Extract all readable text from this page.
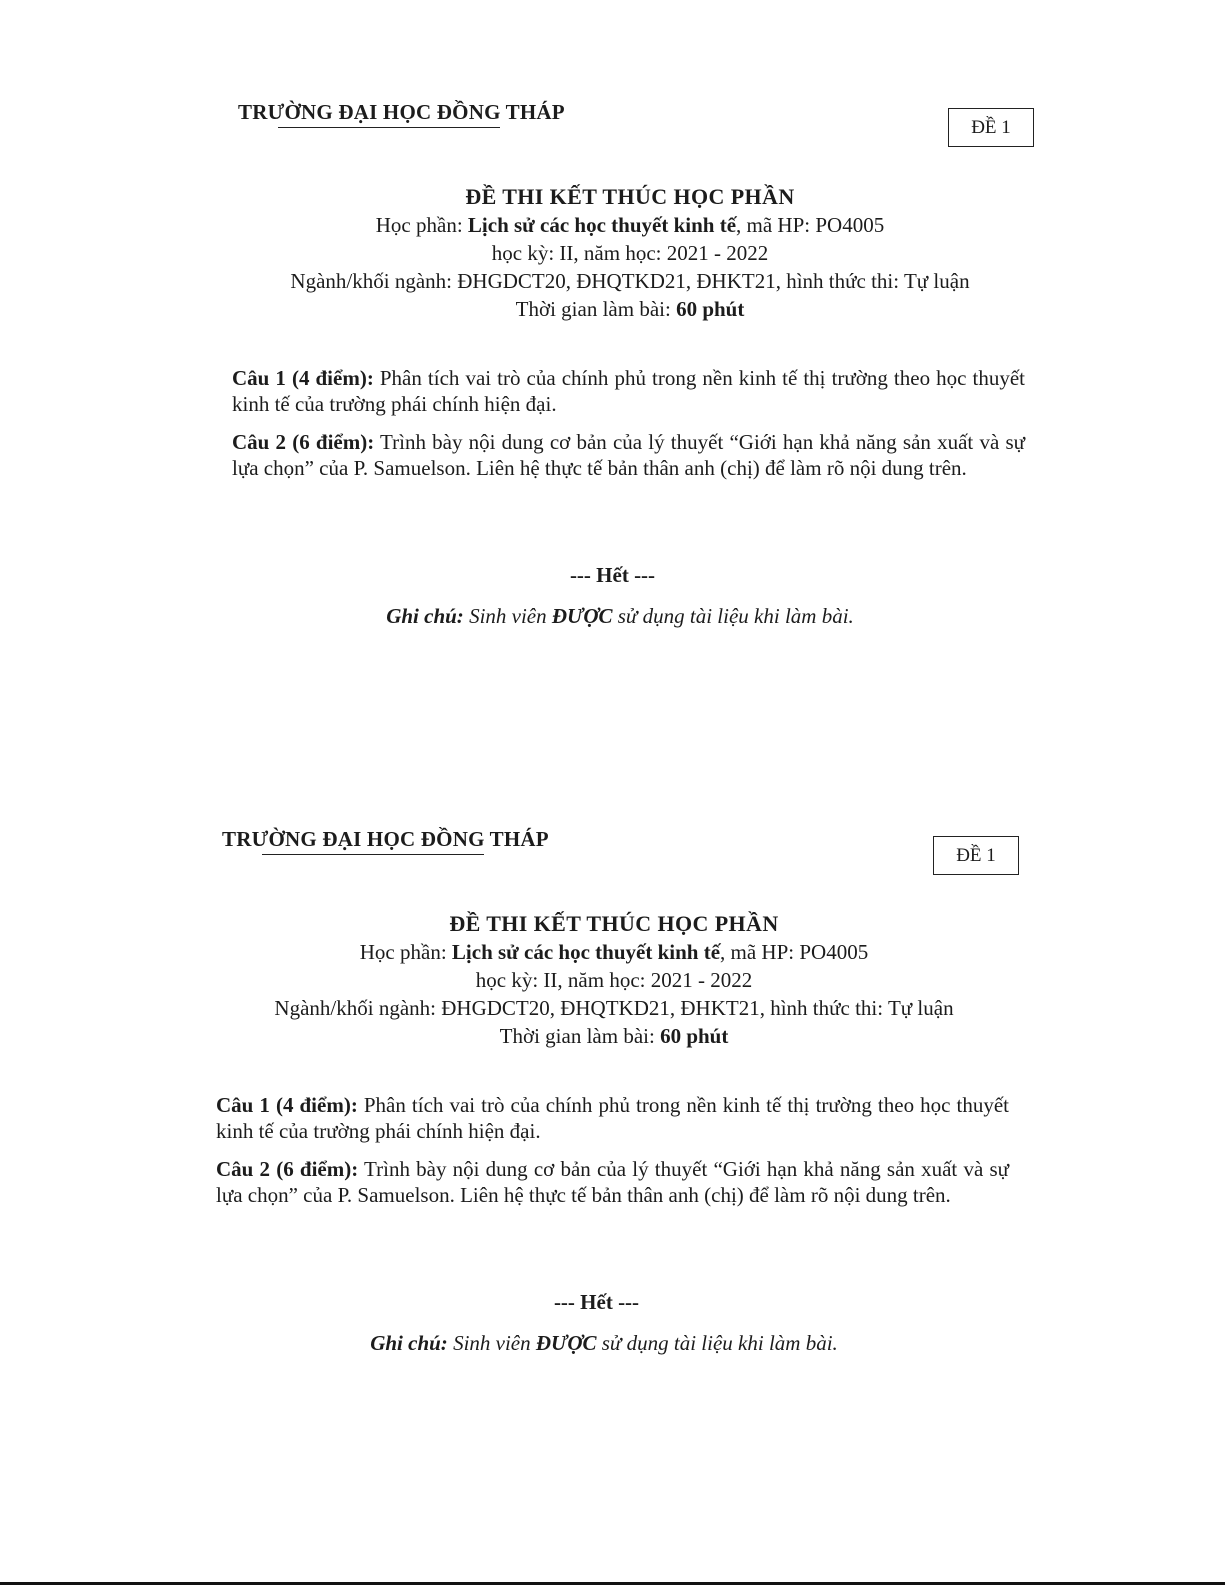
TRƯỜNG ĐẠI HỌC ĐỒNG THÁP
ĐỀ 1
ĐỀ THI KẾT THÚC HỌC PHẦN
Học phần: Lịch sử các học thuyết kinh tế, mã HP: PO4005
học kỳ: II, năm học: 2021 - 2022
Ngành/khối ngành: ĐHGDCT20, ĐHQTKD21, ĐHKT21, hình thức thi: Tự luận
Thời gian làm bài: 60 phút

Câu 1 (4 điểm): Phân tích vai trò của chính phủ trong nền kinh tế thị trường theo học thuyết kinh tế của trường phái chính hiện đại.

Câu 2 (6 điểm): Trình bày nội dung cơ bản của lý thuyết “Giới hạn khả năng sản xuất và sự lựa chọn” của P. Samuelson. Liên hệ thực tế bản thân anh (chị) để làm rõ nội dung trên.

--- Hết ---
Ghi chú: Sinh viên ĐƯỢC sử dụng tài liệu khi làm bài.
TRƯỜNG ĐẠI HỌC ĐỒNG THÁP
ĐỀ 1
ĐỀ THI KẾT THÚC HỌC PHẦN
Học phần: Lịch sử các học thuyết kinh tế, mã HP: PO4005
học kỳ: II, năm học: 2021 - 2022
Ngành/khối ngành: ĐHGDCT20, ĐHQTKD21, ĐHKT21, hình thức thi: Tự luận
Thời gian làm bài: 60 phút

Câu 1 (4 điểm): Phân tích vai trò của chính phủ trong nền kinh tế thị trường theo học thuyết kinh tế của trường phái chính hiện đại.

Câu 2 (6 điểm): Trình bày nội dung cơ bản của lý thuyết “Giới hạn khả năng sản xuất và sự lựa chọn” của P. Samuelson. Liên hệ thực tế bản thân anh (chị) để làm rõ nội dung trên.

--- Hết ---
Ghi chú: Sinh viên ĐƯỢC sử dụng tài liệu khi làm bài.
